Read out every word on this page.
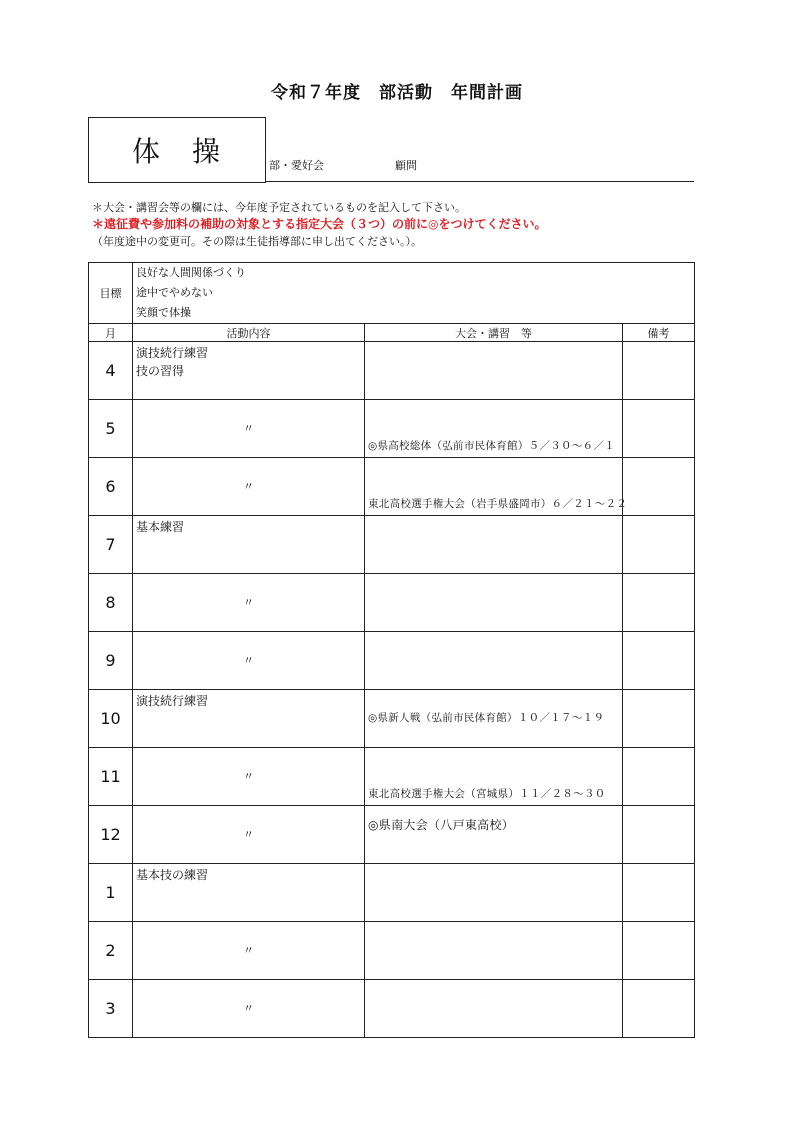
令和７年度　部活動　年間計画
体　操	部・愛好会	顧問
＊大会・講習会等の欄には、今年度予定されているものを記入して下さい。
＊遠征費や参加料の補助の対象とする指定大会（３つ）の前に◎をつけてください。
（年度途中の変更可。その際は生徒指導部に申し出てください。）。
目標	良好な人間関係づくり
途中でやめない
笑顔で体操		

月	活動内容	大会・講習　等	備考
4	演技続行練習
技の習得		

5	〃	◎県高校総体（弘前市民体育館）５／３０～６／１	

6	〃	東北高校選手権大会（岩手県盛岡市）６／２１～２２	

7	基本練習		

8	〃		

9	〃		

10	演技続行練習	◎県新人戦（弘前市民体育館）１０／１７～１９	

11	〃	東北高校選手権大会（宮城県）１１／２８～３０	

12	〃	◎県南大会（八戸東高校）	

1	基本技の練習		

2	〃		

3	〃		
